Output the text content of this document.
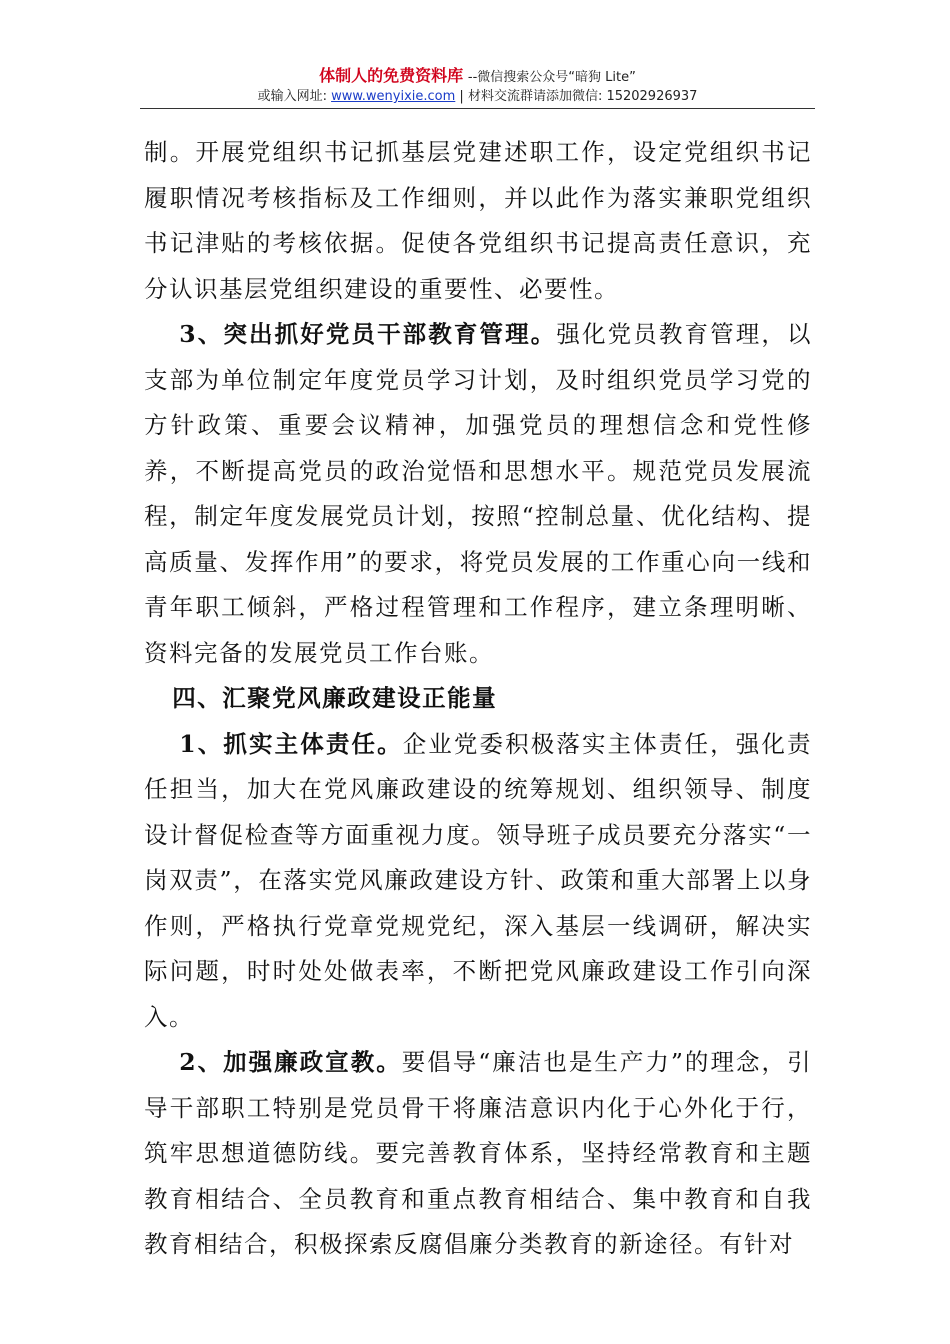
体制人的免费资料库 --微信搜索公众号“暗狗 Lite”
或输入网址: www.wenyixie.com | 材料交流群请添加微信: 15202926937

制。开展党组织书记抓基层党建述职工作，设定党组织书记履职情况考核指标及工作细则，并以此作为落实兼职党组织书记津贴的考核依据。促使各党组织书记提高责任意识，充分认识基层党组织建设的重要性、必要性。

3、突出抓好党员干部教育管理。强化党员教育管理，以支部为单位制定年度党员学习计划，及时组织党员学习党的方针政策、重要会议精神，加强党员的理想信念和党性修养，不断提高党员的政治觉悟和思想水平。规范党员发展流程，制定年度发展党员计划，按照“控制总量、优化结构、提高质量、发挥作用”的要求，将党员发展的工作重心向一线和青年职工倾斜，严格过程管理和工作程序，建立条理明晰、资料完备的发展党员工作台账。

四、汇聚党风廉政建设正能量

1、抓实主体责任。企业党委积极落实主体责任，强化责任担当，加大在党风廉政建设的统筹规划、组织领导、制度设计督促检查等方面重视力度。领导班子成员要充分落实“一岗双责”，在落实党风廉政建设方针、政策和重大部署上以身作则，严格执行党章党规党纪，深入基层一线调研，解决实际问题，时时处处做表率，不断把党风廉政建设工作引向深入。

2、加强廉政宣教。要倡导“廉洁也是生产力”的理念，引导干部职工特别是党员骨干将廉洁意识内化于心外化于行，筑牢思想道德防线。要完善教育体系，坚持经常教育和主题教育相结合、全员教育和重点教育相结合、集中教育和自我教育相结合，积极探索反腐倡廉分类教育的新途径。有针对
